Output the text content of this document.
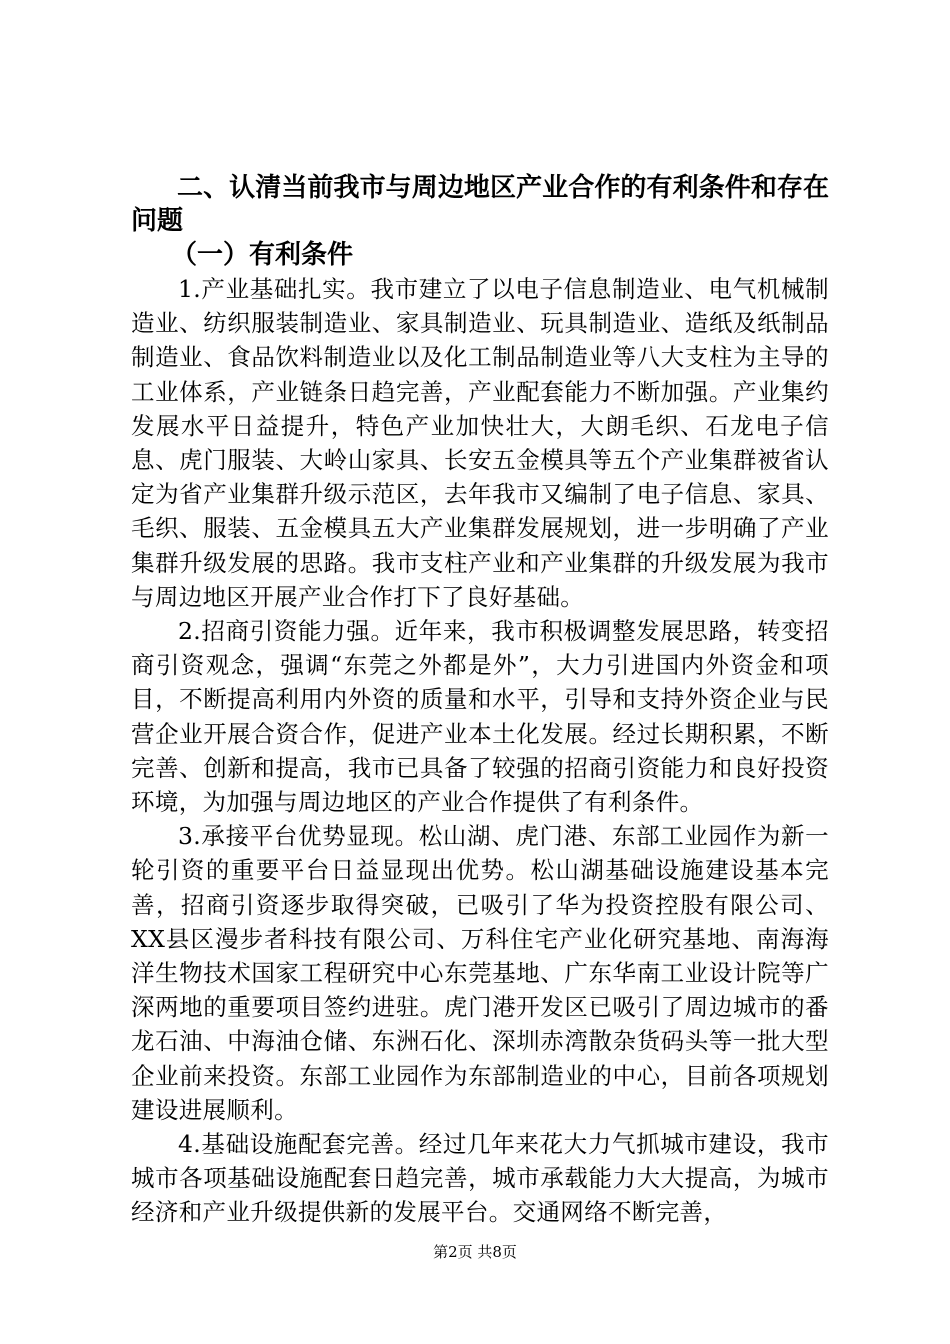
二、认清当前我市与周边地区产业合作的有利条件和存在问题
（一）有利条件

1.产业基础扎实。我市建立了以电子信息制造业、电气机械制造业、纺织服装制造业、家具制造业、玩具制造业、造纸及纸制品制造业、食品饮料制造业以及化工制品制造业等八大支柱为主导的工业体系，产业链条日趋完善，产业配套能力不断加强。产业集约发展水平日益提升，特色产业加快壮大，大朗毛织、石龙电子信息、虎门服装、大岭山家具、长安五金模具等五个产业集群被省认定为省产业集群升级示范区，去年我市又编制了电子信息、家具、毛织、服装、五金模具五大产业集群发展规划，进一步明确了产业集群升级发展的思路。我市支柱产业和产业集群的升级发展为我市与周边地区开展产业合作打下了良好基础。

2.招商引资能力强。近年来，我市积极调整发展思路，转变招商引资观念，强调“东莞之外都是外”，大力引进国内外资金和项目，不断提高利用内外资的质量和水平，引导和支持外资企业与民营企业开展合资合作，促进产业本土化发展。经过长期积累，不断完善、创新和提高，我市已具备了较强的招商引资能力和良好投资环境，为加强与周边地区的产业合作提供了有利条件。

3.承接平台优势显现。松山湖、虎门港、东部工业园作为新一轮引资的重要平台日益显现出优势。松山湖基础设施建设基本完善，招商引资逐步取得突破，已吸引了华为投资控股有限公司、XX县区漫步者科技有限公司、万科住宅产业化研究基地、南海海洋生物技术国家工程研究中心东莞基地、广东华南工业设计院等广深两地的重要项目签约进驻。虎门港开发区已吸引了周边城市的番龙石油、中海油仓储、东洲石化、深圳赤湾散杂货码头等一批大型企业前来投资。东部工业园作为东部制造业的中心，目前各项规划建设进展顺利。

4.基础设施配套完善。经过几年来花大力气抓城市建设，我市城市各项基础设施配套日趋完善，城市承载能力大大提高，为城市经济和产业升级提供新的发展平台。交通网络不断完善，

第2页 共8页
